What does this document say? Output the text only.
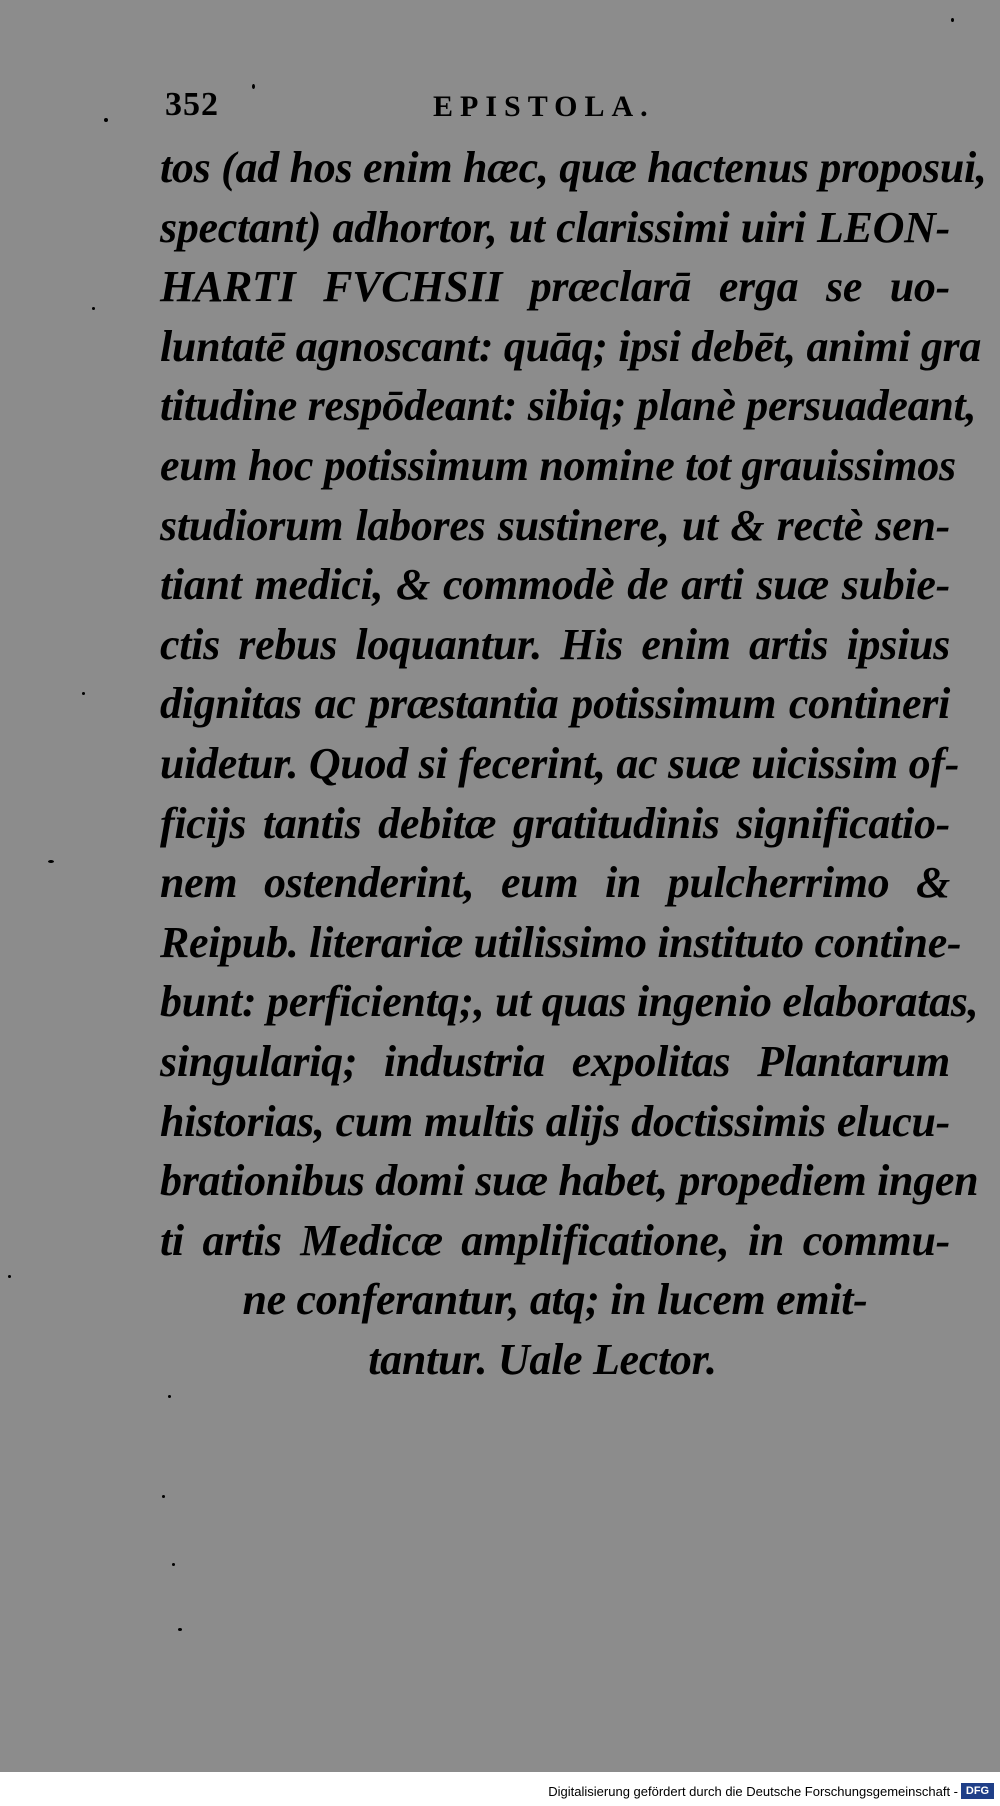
352	EPISTOLA.
tos (ad hos enim hæc, quæ hactenus proposui,
spectant) adhortor, ut clarissimi uiri LEON-
HARTI FVCHSII præclarā erga se uo-
luntatē agnoscant: quāq; ipsi debēt, animi gra
titudine respōdeant: sibiq; planè persuadeant,
eum hoc potissimum nomine tot grauissimos
studiorum labores sustinere, ut & rectè sen-
tiant medici, & commodè de arti suæ subie-
ctis rebus loquantur. His enim artis ipsius
dignitas ac præstantia potissimum contineri
uidetur. Quod si fecerint, ac suæ uicissim of-
ficijs tantis debitæ gratitudinis significatio-
nem ostenderint, eum in pulcherrimo &
Reipub. literariæ utilissimo instituto contine-
bunt: perficientq;, ut quas ingenio elaboratas,
singulariq; industria expolitas Plantarum
historias, cum multis alijs doctissimis elucu-
brationibus domi suæ habet, propediem ingen
ti artis Medicæ amplificatione, in commu-
ne conferantur, atq; in lucem emit-
tantur. Uale Lector.
Digitalisierung gefördert durch die Deutsche Forschungsgemeinschaft - DFG
